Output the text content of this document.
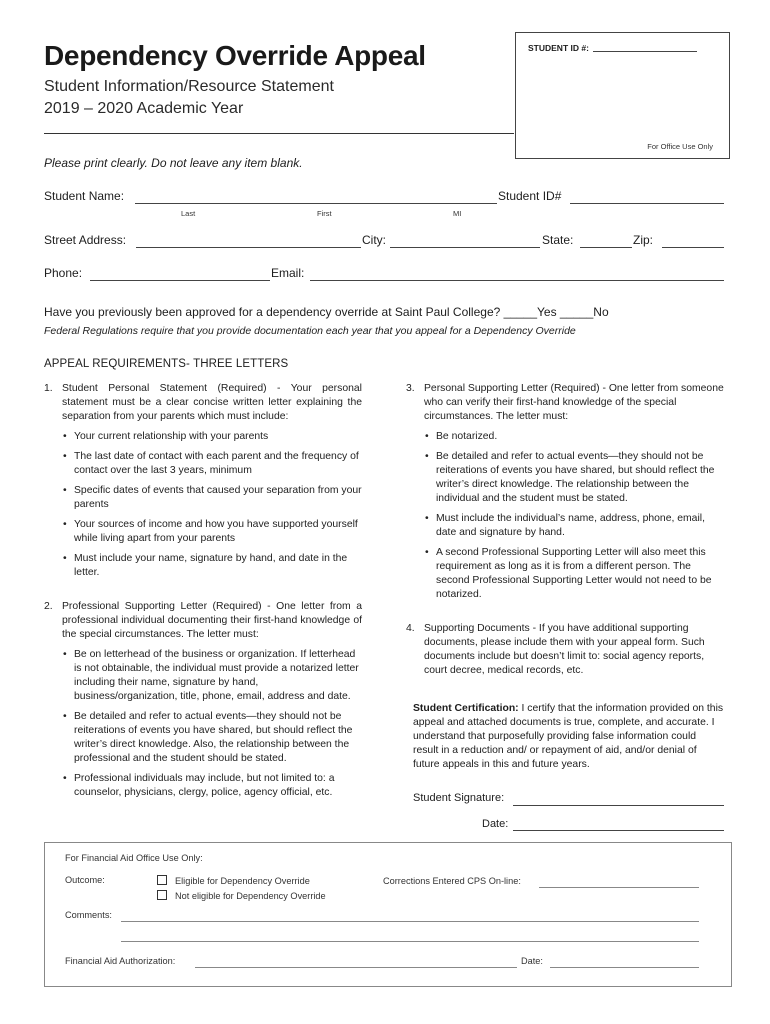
Dependency Override Appeal
Student Information/Resource Statement
2019 – 2020 Academic Year
STUDENT ID #:
For Office Use Only
Please print clearly. Do not leave any item blank.
Student Name:	Student ID#
Last	First	MI
Street Address:	City:	State:	Zip:
Phone:	Email:
Have you previously been approved for a dependency override at Saint Paul College? _____Yes _____No
Federal Regulations require that you provide documentation each year that you appeal for a Dependency Override
APPEAL REQUIREMENTS- THREE LETTERS
1. Student Personal Statement (Required) - Your personal statement must be a clear concise written letter explaining the separation from your parents which must include:

• Your current relationship with your parents
• The last date of contact with each parent and the frequency of contact over the last 3 years, minimum
• Specific dates of events that caused your separation from your parents
• Your sources of income and how you have supported yourself while living apart from your parents
• Must include your name, signature by hand, and date in the letter.
2. Professional Supporting Letter (Required) - One letter from a professional individual documenting their first-hand knowledge of the special circumstances. The letter must:

• Be on letterhead of the business or organization. If letterhead is not obtainable, the individual must provide a notarized letter including their name, signature by hand, business/organization, title, phone, email, address and date.
• Be detailed and refer to actual events—they should not be reiterations of events you have shared, but should reflect the writer’s direct knowledge. Also, the relationship between the professional and the student should be stated.
• Professional individuals may include, but not limited to: a counselor, physicians, clergy, police, agency official, etc.
3. Personal Supporting Letter (Required) - One letter from someone who can verify their first-hand knowledge of the special circumstances. The letter must:

• Be notarized.
• Be detailed and refer to actual events—they should not be reiterations of events you have shared, but should reflect the writer’s direct knowledge. The relationship between the individual and the student must be stated.
• Must include the individual’s name, address, phone, email, date and signature by hand.
• A second Professional Supporting Letter will also meet this requirement as long as it is from a different person. The second Professional Supporting Letter would not need to be notarized.
4. Supporting Documents - If you have additional supporting documents, please include them with your appeal form. Such documents include but doesn’t limit to: social agency reports, court decree, medical records, etc.

Student Certification: I certify that the information provided on this appeal and attached documents is true, complete, and accurate. I understand that purposefully providing false information could result in a reduction and/ or repayment of aid, and/or denial of future appeals in this and future years.
Student Signature:
Date:
For Financial Aid Office Use Only:
Outcome:	Eligible for Dependency Override
Not eligible for Dependency Override
Corrections Entered CPS On-line:
Comments:
Financial Aid Authorization:	Date:
